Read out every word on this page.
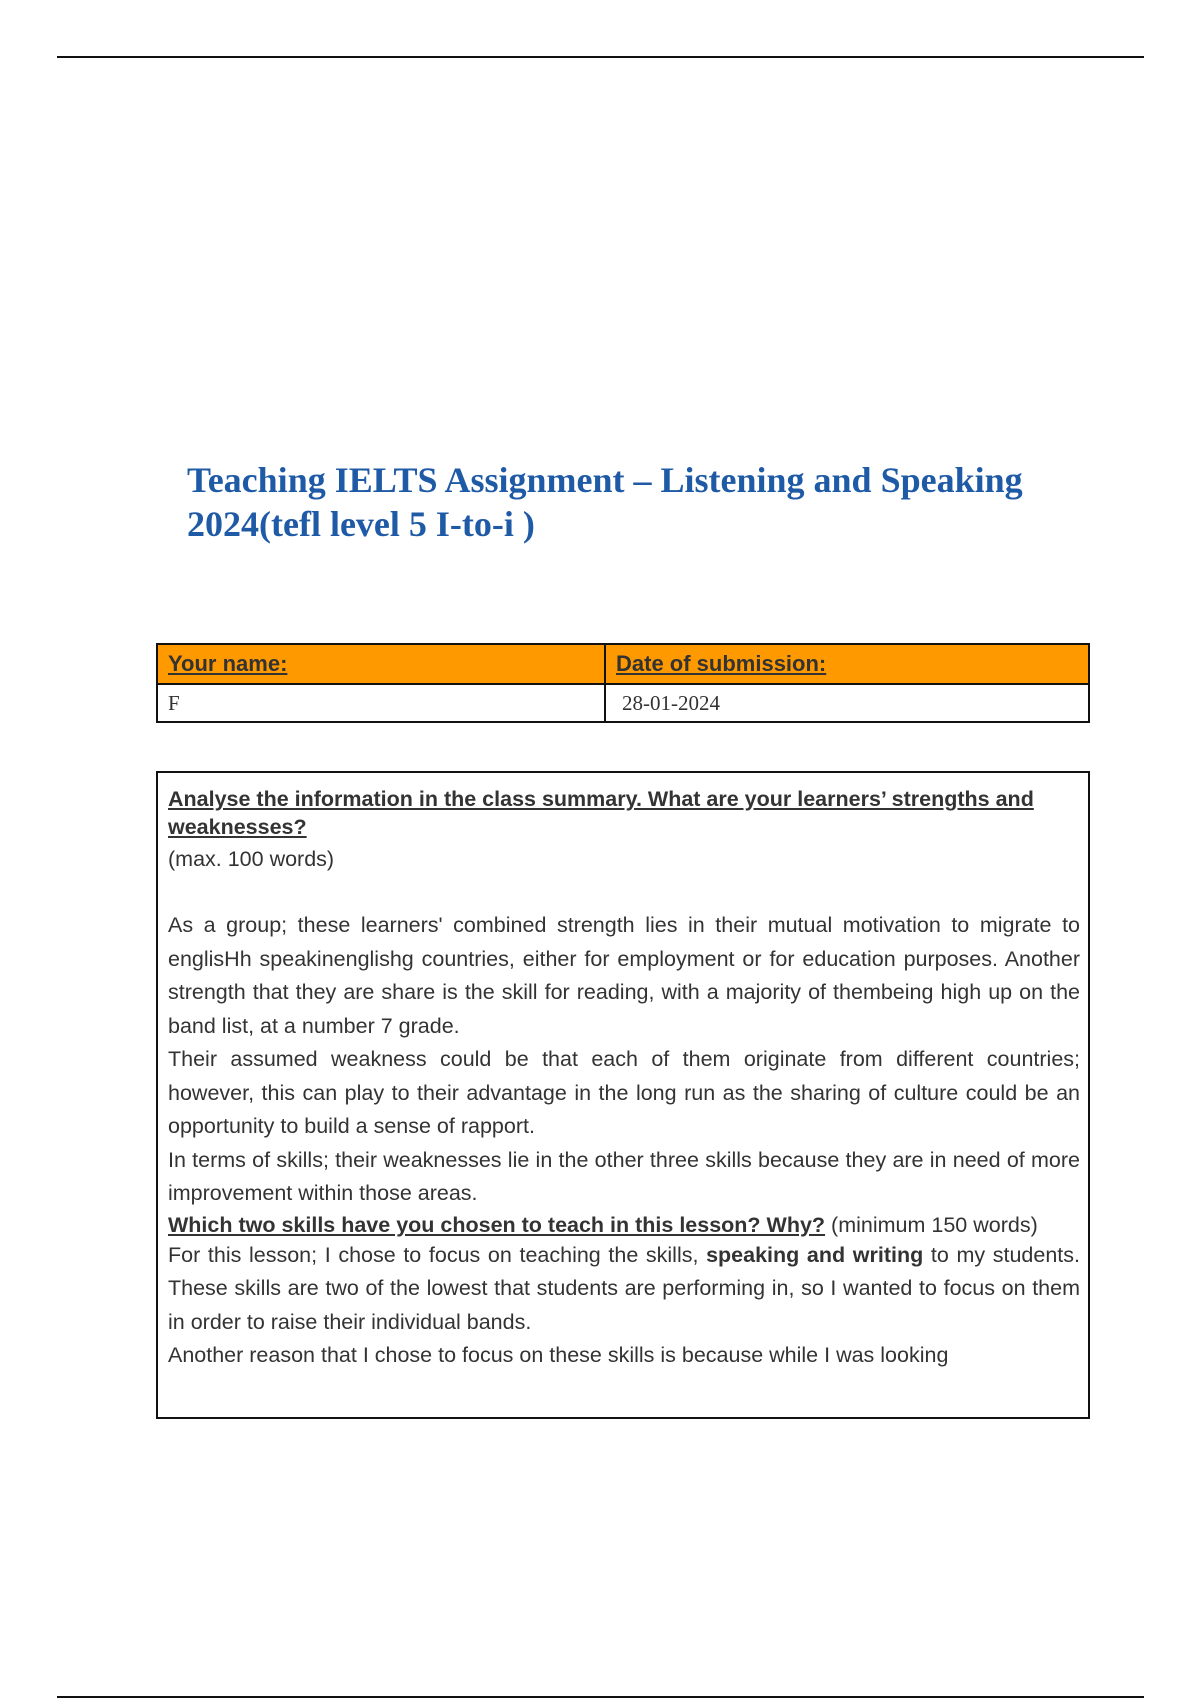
Teaching IELTS Assignment – Listening and Speaking
2024(tefl level 5 I-to-i )
Your name:	Date of submission:
F	28-01-2024

Analyse the information in the class summary. What are your learners’ strengths and weaknesses?

(max. 100 words)

As a group; these learners' combined strength lies in their mutual motivation to migrate to englisHh speakinenglishg countries, either for employment or for education purposes. Another strength that they are share is the skill for reading, with a majority of thembeing high up on the band list, at a number 7 grade.

Their assumed weakness could be that each of them originate from different countries; however, this can play to their advantage in the long run as the sharing of culture could be an opportunity to build a sense of rapport.

In terms of skills; their weaknesses lie in the other three skills because they are in need of more improvement within those areas.

Which two skills have you chosen to teach in this lesson? Why? (minimum 150 words)

For this lesson; I chose to focus on teaching the skills, speaking and writing to my students. These skills are two of the lowest that students are performing in, so I wanted to focus on them in order to raise their individual bands.

Another reason that I chose to focus on these skills is because while I was looking
